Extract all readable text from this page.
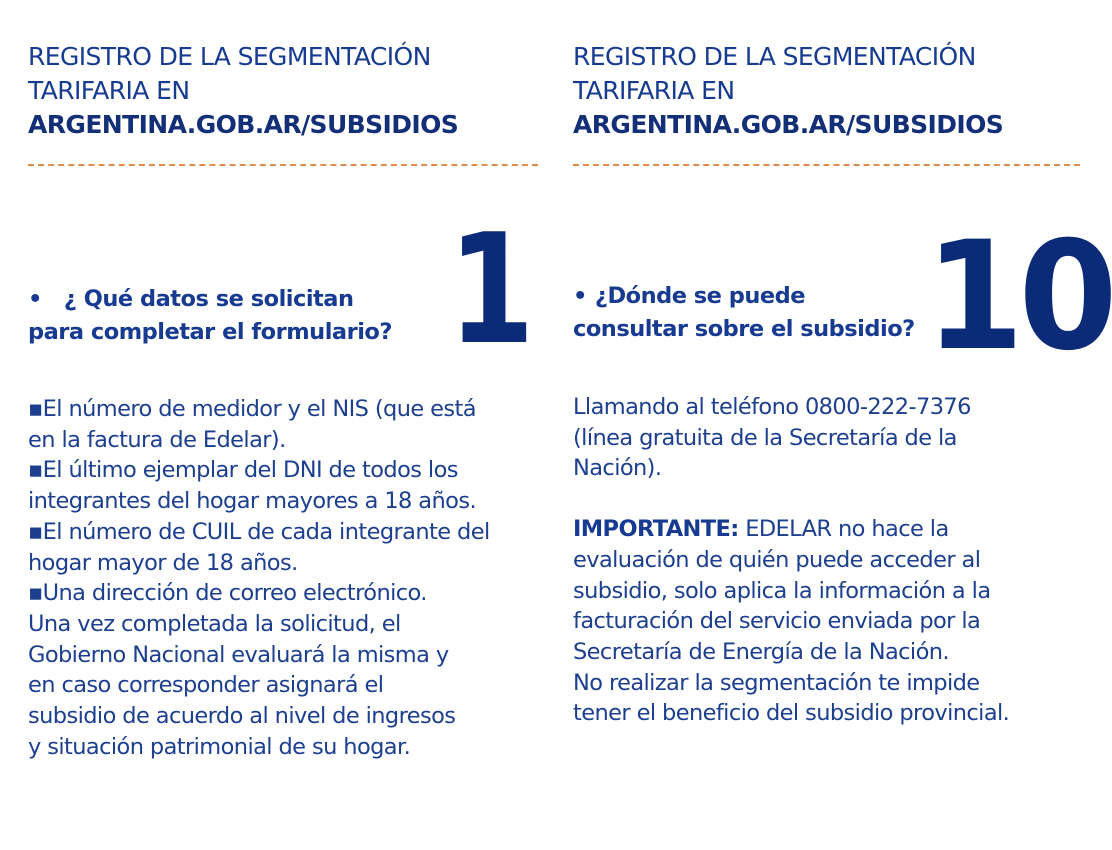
REGISTRO DE LA SEGMENTACIÓN

TARIFARIA EN

ARGENTINA.GOB.AR/SUBSIDIOS

1

• ¿ Qué datos se solicitan

para completar el formulario?

▪El número de medidor y el NIS (que está

en la factura de Edelar).

▪El último ejemplar del DNI de todos los

integrantes del hogar mayores a 18 años.

▪El número de CUIL de cada integrante del

hogar mayor de 18 años.

▪Una dirección de correo electrónico.

Una vez completada la solicitud, el

Gobierno Nacional evaluará la misma y

en caso corresponder asignará el

subsidio de acuerdo al nivel de ingresos

y situación patrimonial de su hogar.

REGISTRO DE LA SEGMENTACIÓN

TARIFARIA EN

ARGENTINA.GOB.AR/SUBSIDIOS

10

• ¿Dónde se puede

consultar sobre el subsidio?

Llamando al teléfono 0800-222-7376

(línea gratuita de la Secretaría de la

Nación).

IMPORTANTE: EDELAR no hace la

evaluación de quién puede acceder al

subsidio, solo aplica la información a la

facturación del servicio enviada por la

Secretaría de Energía de la Nación.

No realizar la segmentación te impide

tener el beneficio del subsidio provincial.
